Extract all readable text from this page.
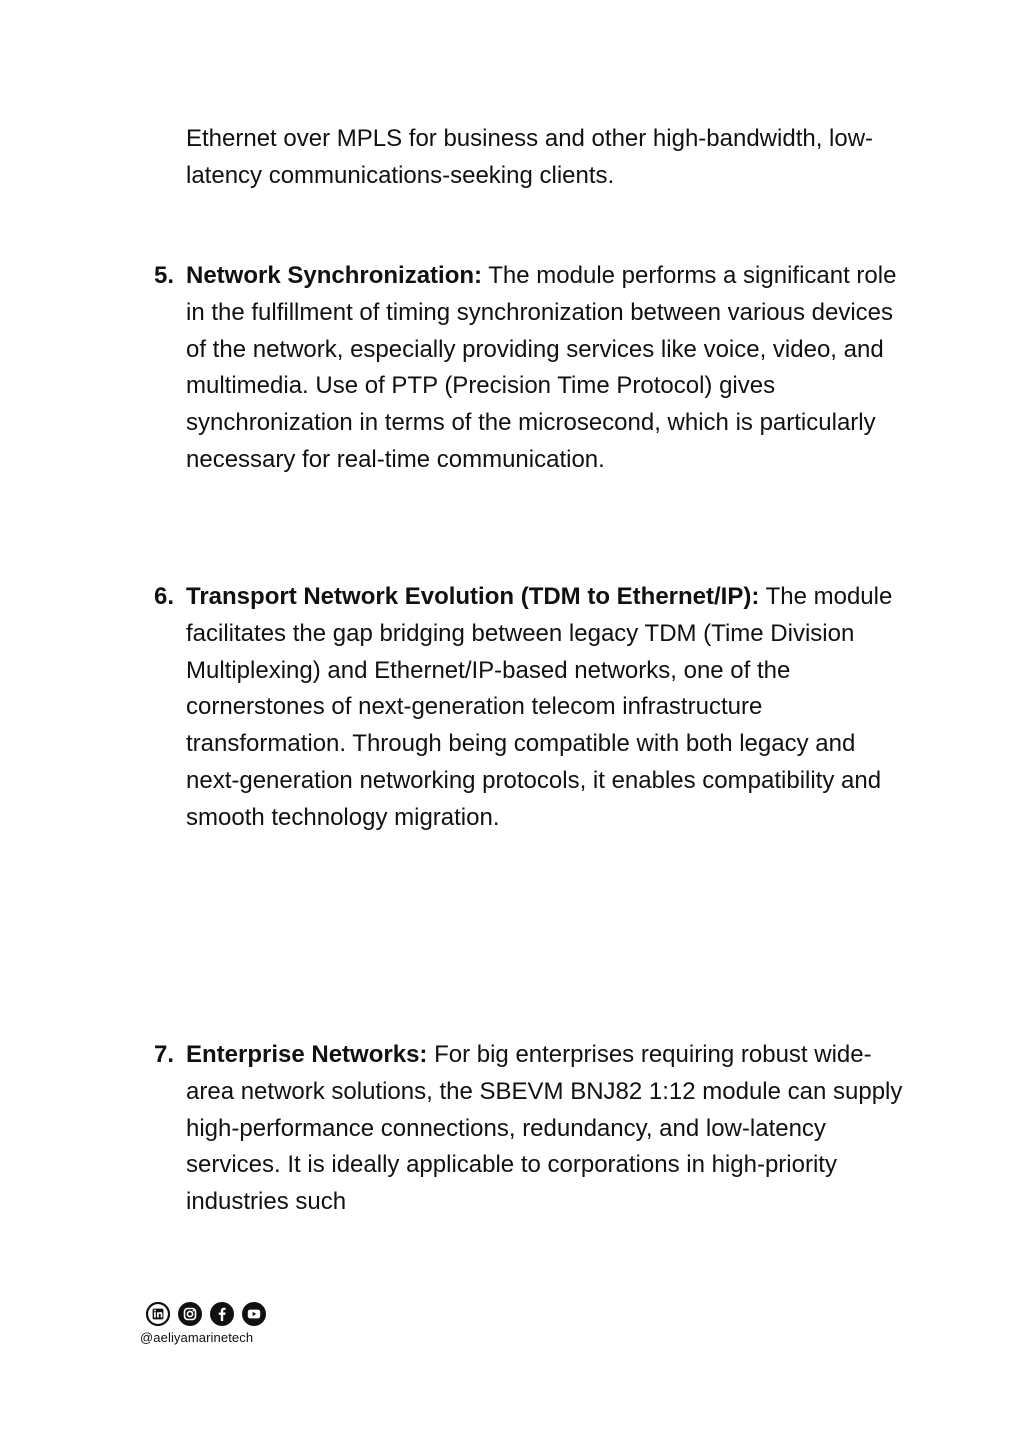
Ethernet over MPLS for business and other high-bandwidth, low-latency communications-seeking clients.
5. Network Synchronization: The module performs a significant role in the fulfillment of timing synchronization between various devices of the network, especially providing services like voice, video, and multimedia. Use of PTP (Precision Time Protocol) gives synchronization in terms of the microsecond, which is particularly necessary for real-time communication.
6. Transport Network Evolution (TDM to Ethernet/IP): The module facilitates the gap bridging between legacy TDM (Time Division Multiplexing) and Ethernet/IP-based networks, one of the cornerstones of next-generation telecom infrastructure transformation. Through being compatible with both legacy and next-generation networking protocols, it enables compatibility and smooth technology migration.
7. Enterprise Networks: For big enterprises requiring robust wide-area network solutions, the SBEVM BNJ82 1:12 module can supply high-performance connections, redundancy, and low-latency services. It is ideally applicable to corporations in high-priority industries such
@aeliyamarinetech
